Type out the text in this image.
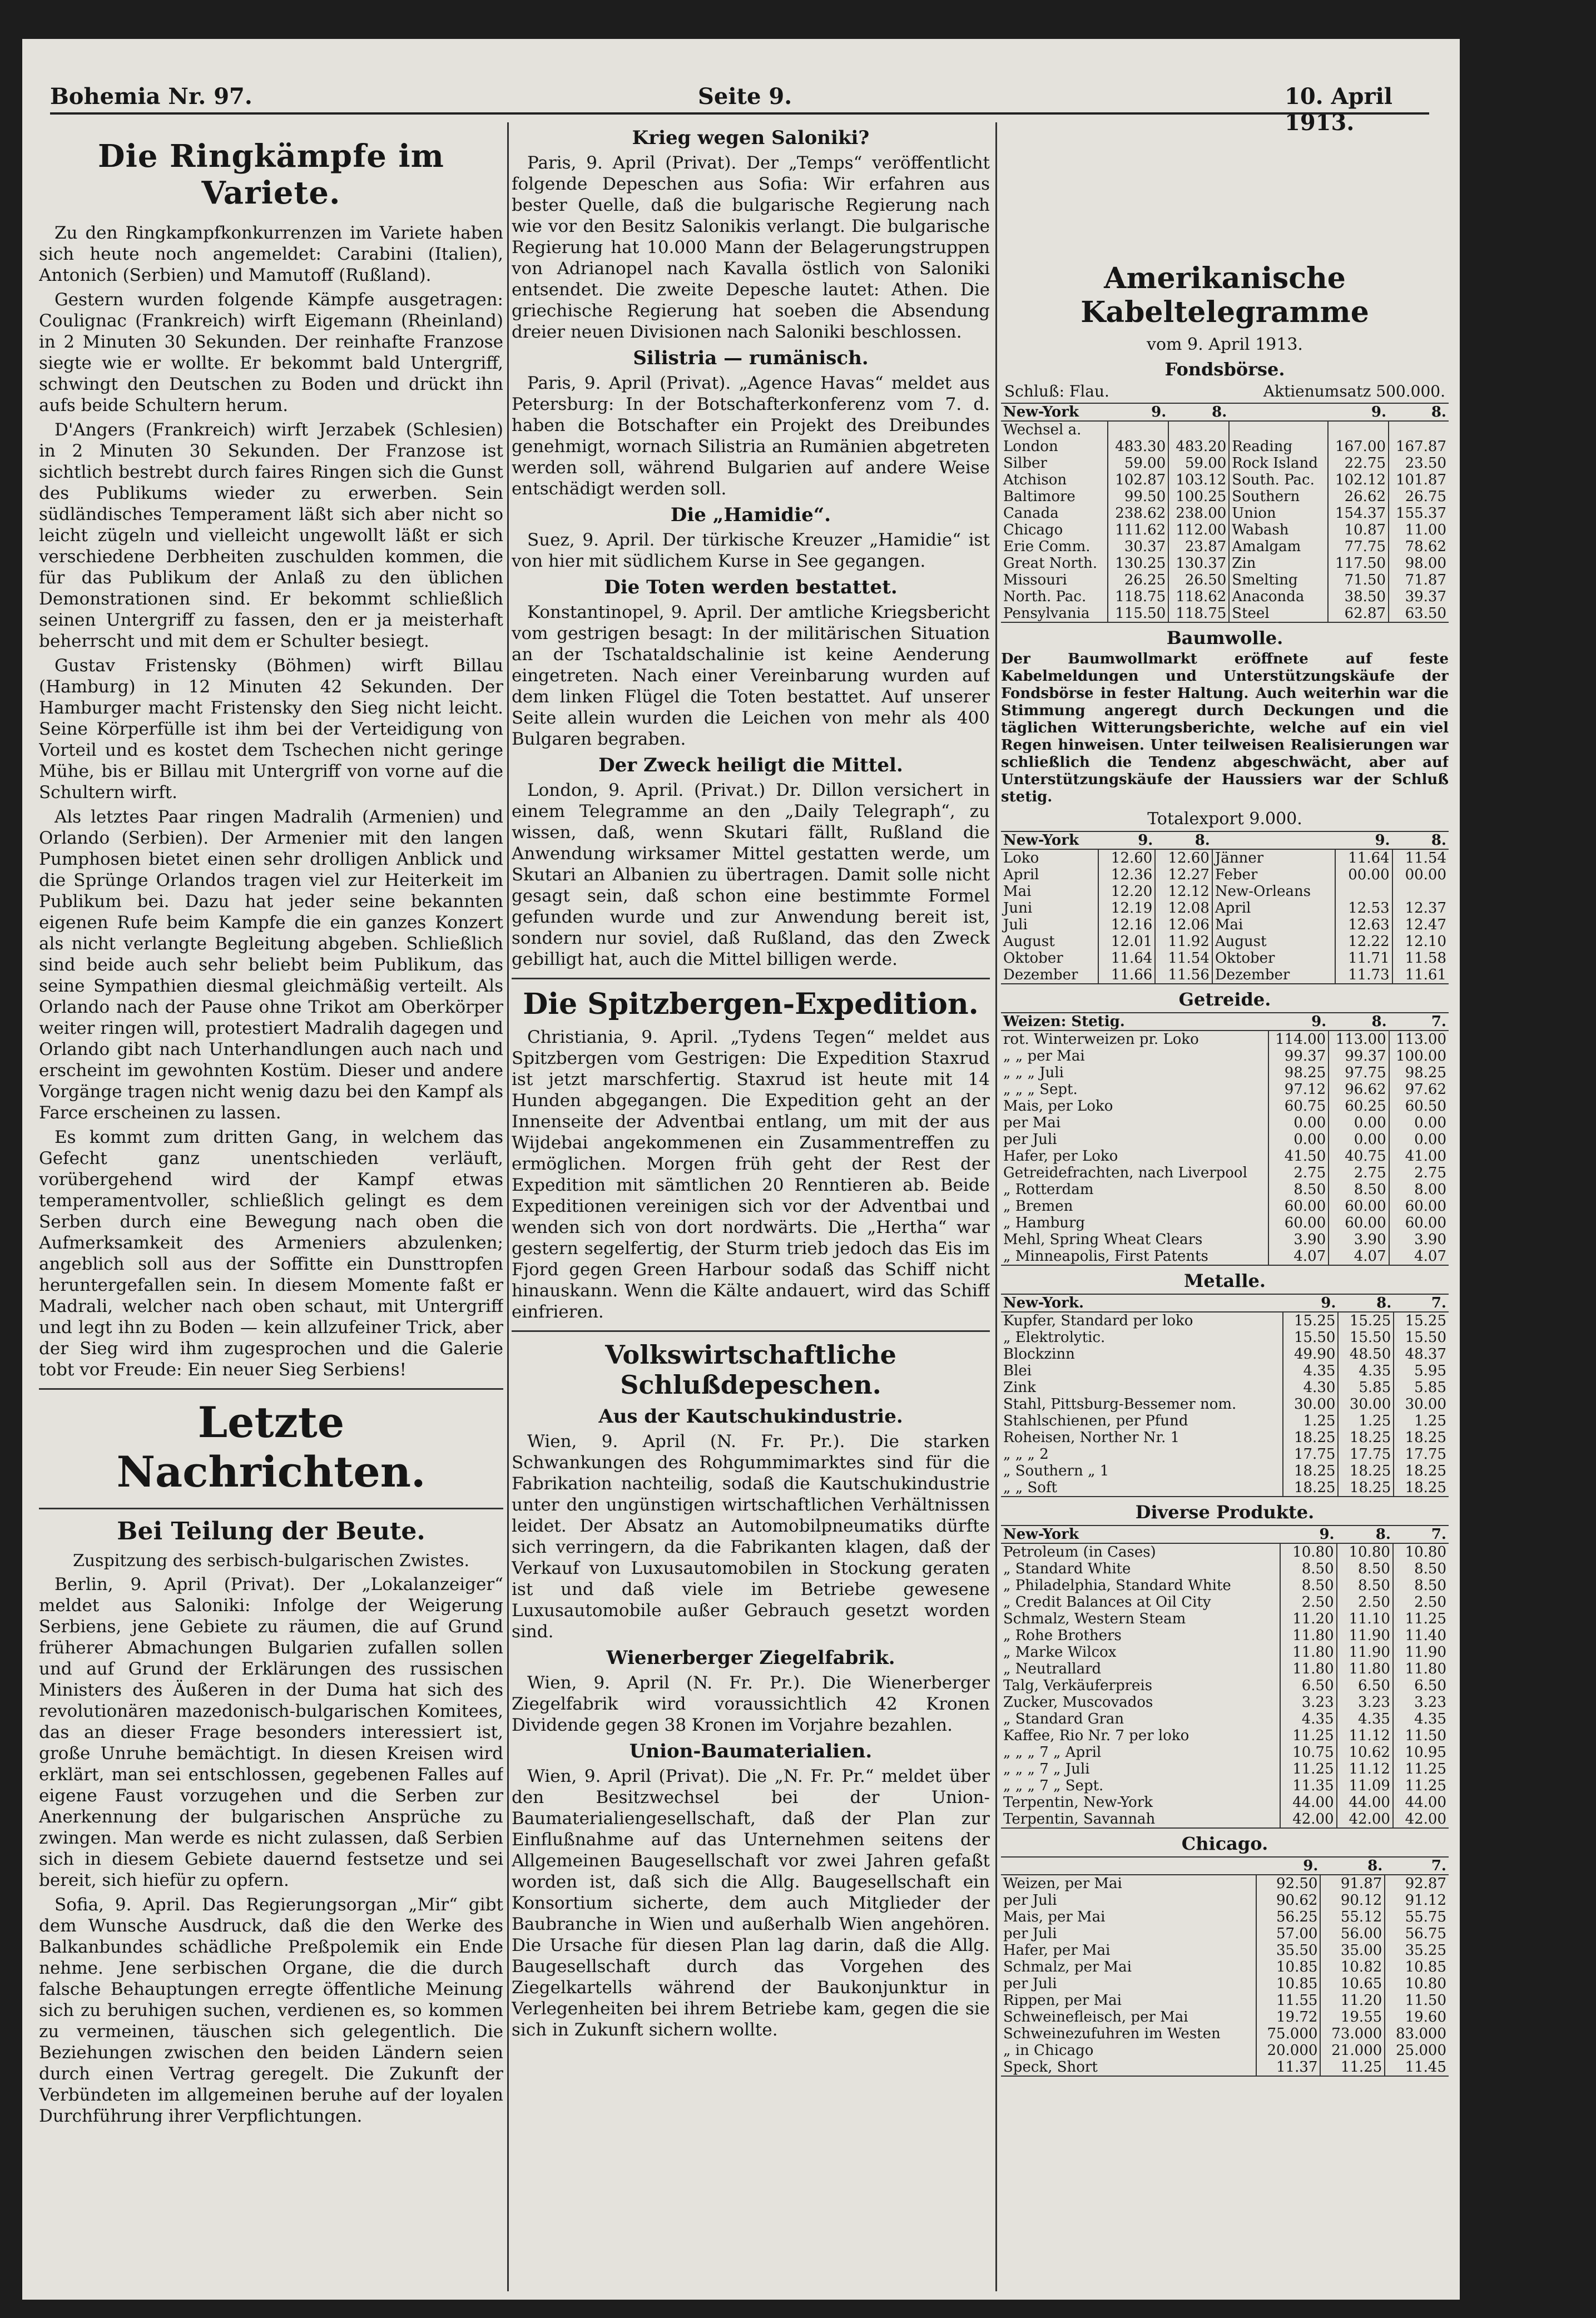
Bohemia Nr. 97.	Seite 9.	10. April 1913.
Die Ringkämpfe im Variete.

Zu den Ringkampfkonkurrenzen im Variete haben sich heute noch angemeldet: Carabini (Italien), Antonich (Serbien) und Mamutoff (Rußland).

Gestern wurden folgende Kämpfe ausgetragen: Coulignac (Frankreich) wirft Eigemann (Rheinland) in 2 Minuten 30 Sekunden. Der reinhafte Franzose siegte wie er wollte. Er bekommt bald Untergriff, schwingt den Deutschen zu Boden und drückt ihn aufs beide Schultern herum.

D'Angers (Frankreich) wirft Jerzabek (Schlesien) in 2 Minuten 30 Sekunden. Der Franzose ist sichtlich bestrebt durch faires Ringen sich die Gunst des Publikums wieder zu erwerben. Sein südländisches Temperament läßt sich aber nicht so leicht zügeln und vielleicht ungewollt läßt er sich verschiedene Derbheiten zuschulden kommen, die für das Publikum der Anlaß zu den üblichen Demonstrationen sind. Er bekommt schließlich seinen Untergriff zu fassen, den er ja meisterhaft beherrscht und mit dem er Schulter besiegt.

Gustav Fristensky (Böhmen) wirft Billau (Hamburg) in 12 Minuten 42 Sekunden. Der Hamburger macht Fristensky den Sieg nicht leicht. Seine Körperfülle ist ihm bei der Verteidigung von Vorteil und es kostet dem Tschechen nicht geringe Mühe, bis er Billau mit Untergriff von vorne auf die Schultern wirft.

Als letztes Paar ringen Madralih (Armenien) und Orlando (Serbien). Der Armenier mit den langen Pumphosen bietet einen sehr drolligen Anblick und die Sprünge Orlandos tragen viel zur Heiterkeit im Publikum bei. Dazu hat jeder seine bekannten eigenen Rufe beim Kampfe die ein ganzes Konzert als nicht verlangte Begleitung abgeben. Schließlich sind beide auch sehr beliebt beim Publikum, das seine Sympathien diesmal gleichmäßig verteilt. Als Orlando nach der Pause ohne Trikot am Oberkörper weiter ringen will, protestiert Madralih dagegen und Orlando gibt nach Unterhandlungen auch nach und erscheint im gewohnten Kostüm. Dieser und andere Vorgänge tragen nicht wenig dazu bei den Kampf als Farce erscheinen zu lassen.

Es kommt zum dritten Gang, in welchem das Gefecht ganz unentschieden verläuft, vorübergehend wird der Kampf etwas temperamentvoller, schließlich gelingt es dem Serben durch eine Bewegung nach oben die Aufmerksamkeit des Armeniers abzulenken; angeblich soll aus der Soffitte ein Dunsttropfen heruntergefallen sein. In diesem Momente faßt er Madrali, welcher nach oben schaut, mit Untergriff und legt ihn zu Boden — kein allzufeiner Trick, aber der Sieg wird ihm zugesprochen und die Galerie tobt vor Freude: Ein neuer Sieg Serbiens!

Letzte Nachrichten.
Bei Teilung der Beute.
Zuspitzung des serbisch-bulgarischen Zwistes.

Berlin, 9. April (Privat). Der „Lokalanzeiger“ meldet aus Saloniki: Infolge der Weigerung Serbiens, jene Gebiete zu räumen, die auf Grund früherer Abmachungen Bulgarien zufallen sollen und auf Grund der Erklärungen des russischen Ministers des Äußeren in der Duma hat sich des revolutionären mazedonisch-bulgarischen Komitees, das an dieser Frage besonders interessiert ist, große Unruhe bemächtigt. In diesen Kreisen wird erklärt, man sei entschlossen, gegebenen Falles auf eigene Faust vorzugehen und die Serben zur Anerkennung der bulgarischen Ansprüche zu zwingen. Man werde es nicht zulassen, daß Serbien sich in diesem Gebiete dauernd festsetze und sei bereit, sich hiefür zu opfern.

Sofia, 9. April. Das Regierungsorgan „Mir“ gibt dem Wunsche Ausdruck, daß die den Werke des Balkanbundes schädliche Preßpolemik ein Ende nehme. Jene serbischen Organe, die die durch falsche Behauptungen erregte öffentliche Meinung sich zu beruhigen suchen, verdienen es, so kommen zu vermeinen, täuschen sich gelegentlich. Die Beziehungen zwischen den beiden Ländern seien durch einen Vertrag geregelt. Die Zukunft der Verbündeten im allgemeinen beruhe auf der loyalen Durchführung ihrer Verpflichtungen.

Krieg wegen Saloniki?

Paris, 9. April (Privat). Der „Temps“ veröffentlicht folgende Depeschen aus Sofia: Wir erfahren aus bester Quelle, daß die bulgarische Regierung nach wie vor den Besitz Salonikis verlangt. Die bulgarische Regierung hat 10.000 Mann der Belagerungstruppen von Adrianopel nach Kavalla östlich von Saloniki entsendet. Die zweite Depesche lautet: Athen. Die griechische Regierung hat soeben die Absendung dreier neuen Divisionen nach Saloniki beschlossen.

Silistria — rumänisch.

Paris, 9. April (Privat). „Agence Havas“ meldet aus Petersburg: In der Botschafterkonferenz vom 7. d. haben die Botschafter ein Projekt des Dreibundes genehmigt, wornach Silistria an Rumänien abgetreten werden soll, während Bulgarien auf andere Weise entschädigt werden soll.

Die „Hamidie“.

Suez, 9. April. Der türkische Kreuzer „Hamidie“ ist von hier mit südlichem Kurse in See gegangen.

Die Toten werden bestattet.

Konstantinopel, 9. April. Der amtliche Kriegsbericht vom gestrigen besagt: In der militärischen Situation an der Tschataldschalinie ist keine Aenderung eingetreten. Nach einer Vereinbarung wurden auf dem linken Flügel die Toten bestattet. Auf unserer Seite allein wurden die Leichen von mehr als 400 Bulgaren begraben.

Der Zweck heiligt die Mittel.

London, 9. April. (Privat.) Dr. Dillon versichert in einem Telegramme an den „Daily Telegraph“, zu wissen, daß, wenn Skutari fällt, Rußland die Anwendung wirksamer Mittel gestatten werde, um Skutari an Albanien zu übertragen. Damit solle nicht gesagt sein, daß schon eine bestimmte Formel gefunden wurde und zur Anwendung bereit ist, sondern nur soviel, daß Rußland, das den Zweck gebilligt hat, auch die Mittel billigen werde.

Die Spitzbergen-Expedition.

Christiania, 9. April. „Tydens Tegen“ meldet aus Spitzbergen vom Gestrigen: Die Expedition Staxrud ist jetzt marschfertig. Staxrud ist heute mit 14 Hunden abgegangen. Die Expedition geht an der Innenseite der Adventbai entlang, um mit der aus Wijdebai angekommenen ein Zusammentreffen zu ermöglichen. Morgen früh geht der Rest der Expedition mit sämtlichen 20 Renntieren ab. Beide Expeditionen vereinigen sich vor der Adventbai und wenden sich von dort nordwärts. Die „Hertha“ war gestern segelfertig, der Sturm trieb jedoch das Eis im Fjord gegen Green Harbour sodaß das Schiff nicht hinauskann. Wenn die Kälte andauert, wird das Schiff einfrieren.

Volkswirtschaftliche Schlußdepeschen.
Aus der Kautschukindustrie.

Wien, 9. April (N. Fr. Pr.). Die starken Schwankungen des Rohgummimarktes sind für die Fabrikation nachteilig, sodaß die Kautschukindustrie unter den ungünstigen wirtschaftlichen Verhältnissen leidet. Der Absatz an Automobilpneumatiks dürfte sich verringern, da die Fabrikanten klagen, daß der Verkauf von Luxusautomobilen in Stockung geraten ist und daß viele im Betriebe gewesene Luxusautomobile außer Gebrauch gesetzt worden sind.

Wienerberger Ziegelfabrik.

Wien, 9. April (N. Fr. Pr.). Die Wienerberger Ziegelfabrik wird voraussichtlich 42 Kronen Dividende gegen 38 Kronen im Vorjahre bezahlen.

Union-Baumaterialien.

Wien, 9. April (Privat). Die „N. Fr. Pr.“ meldet über den Besitzwechsel bei der Union-Baumaterialiengesellschaft, daß der Plan zur Einflußnahme auf das Unternehmen seitens der Allgemeinen Baugesellschaft vor zwei Jahren gefaßt worden ist, daß sich die Allg. Baugesellschaft ein Konsortium sicherte, dem auch Mitglieder der Baubranche in Wien und außerhalb Wien angehören. Die Ursache für diesen Plan lag darin, daß die Allg. Baugesellschaft durch das Vorgehen des Ziegelkartells während der Baukonjunktur in Verlegenheiten bei ihrem Betriebe kam, gegen die sie sich in Zukunft sichern wollte.

Amerikanische Kabeltelegramme
vom 9. April 1913.
Fondsbörse.
Schluß: Flau.	Aktienumsatz 500.000.
New-York	9.	8.		9.	8.
Wechsel a.					
London	483.30	483.20	Reading	167.00	167.87
Silber	59.00	59.00	Rock Island	22.75	23.50
Atchison	102.87	103.12	South. Pac.	102.12	101.87
Baltimore	99.50	100.25	Southern	26.62	26.75
Canada	238.62	238.00	Union	154.37	155.37
Chicago	111.62	112.00	Wabash	10.87	11.00
Erie Comm.	30.37	23.87	Amalgam	77.75	78.62
Great North.	130.25	130.37	Zin	117.50	98.00
Missouri	26.25	26.50	Smelting	71.50	71.87
North. Pac.	118.75	118.62	Anaconda	38.50	39.37
Pensylvania	115.50	118.75	Steel	62.87	63.50
Baumwolle.

Der Baumwollmarkt eröffnete auf feste Kabelmeldungen und Unterstützungskäufe der Fondsbörse in fester Haltung. Auch weiterhin war die Stimmung angeregt durch Deckungen und die täglichen Witterungsberichte, welche auf ein viel Regen hinweisen. Unter teilweisen Realisierungen war schließlich die Tendenz abgeschwächt, aber auf Unterstützungskäufe der Haussiers war der Schluß stetig.

Totalexport 9.000.
New-York	9.	8.		9.	8.
Loko	12.60	12.60	Jänner	11.64	11.54
April	12.36	12.27	Feber	00.00	00.00
Mai	12.20	12.12	New-Orleans		
Juni	12.19	12.08	April	12.53	12.37
Juli	12.16	12.06	Mai	12.63	12.47
August	12.01	11.92	August	12.22	12.10
Oktober	11.64	11.54	Oktober	11.71	11.58
Dezember	11.66	11.56	Dezember	11.73	11.61
Getreide.
Weizen: Stetig.	9.	8.	7.
rot. Winterweizen pr. Loko	114.00	113.00	113.00
„ „ per Mai	99.37	99.37	100.00
„ „ „ Juli	98.25	97.75	98.25
„ „ „ Sept.	97.12	96.62	97.62
Mais, per Loko	60.75	60.25	60.50
per Mai	0.00	0.00	0.00
per Juli	0.00	0.00	0.00
Hafer, per Loko	41.50	40.75	41.00
Getreidefrachten, nach Liverpool	2.75	2.75	2.75
„ Rotterdam	8.50	8.50	8.00
„ Bremen	60.00	60.00	60.00
„ Hamburg	60.00	60.00	60.00
Mehl, Spring Wheat Clears	3.90	3.90	3.90
„ Minneapolis, First Patents	4.07	4.07	4.07
Metalle.
New-York.	9.	8.	7.
Kupfer, Standard per loko	15.25	15.25	15.25
„ Elektrolytic.	15.50	15.50	15.50
Blockzinn	49.90	48.50	48.37
Blei	4.35	4.35	5.95
Zink	4.30	5.85	5.85
Stahl, Pittsburg-Bessemer nom.	30.00	30.00	30.00
Stahlschienen, per Pfund	1.25	1.25	1.25
Roheisen, Norther Nr. 1	18.25	18.25	18.25
„ „ „ 2	17.75	17.75	17.75
„ Southern „ 1	18.25	18.25	18.25
„ „ Soft	18.25	18.25	18.25
Diverse Produkte.
New-York	9.	8.	7.
Petroleum (in Cases)	10.80	10.80	10.80
„ Standard White	8.50	8.50	8.50
„ Philadelphia, Standard White	8.50	8.50	8.50
„ Credit Balances at Oil City	2.50	2.50	2.50
Schmalz, Western Steam	11.20	11.10	11.25
„ Rohe Brothers	11.80	11.90	11.40
„ Marke Wilcox	11.80	11.90	11.90
„ Neutrallard	11.80	11.80	11.80
Talg, Verkäuferpreis	6.50	6.50	6.50
Zucker, Muscovados	3.23	3.23	3.23
„ Standard Gran	4.35	4.35	4.35
Kaffee, Rio Nr. 7 per loko	11.25	11.12	11.50
„ „ „ 7 „ April	10.75	10.62	10.95
„ „ „ 7 „ Juli	11.25	11.12	11.25
„ „ „ 7 „ Sept.	11.35	11.09	11.25
Terpentin, New-York	44.00	44.00	44.00
Terpentin, Savannah	42.00	42.00	42.00
Chicago.
	9.	8.	7.
Weizen, per Mai	92.50	91.87	92.87
per Juli	90.62	90.12	91.12
Mais, per Mai	56.25	55.12	55.75
per Juli	57.00	56.00	56.75
Hafer, per Mai	35.50	35.00	35.25
Schmalz, per Mai	10.85	10.82	10.85
per Juli	10.85	10.65	10.80
Rippen, per Mai	11.55	11.20	11.50
Schweinefleisch, per Mai	19.72	19.55	19.60
Schweinezufuhren im Westen	75.000	73.000	83.000
„ in Chicago	20.000	21.000	25.000
Speck, Short	11.37	11.25	11.45
